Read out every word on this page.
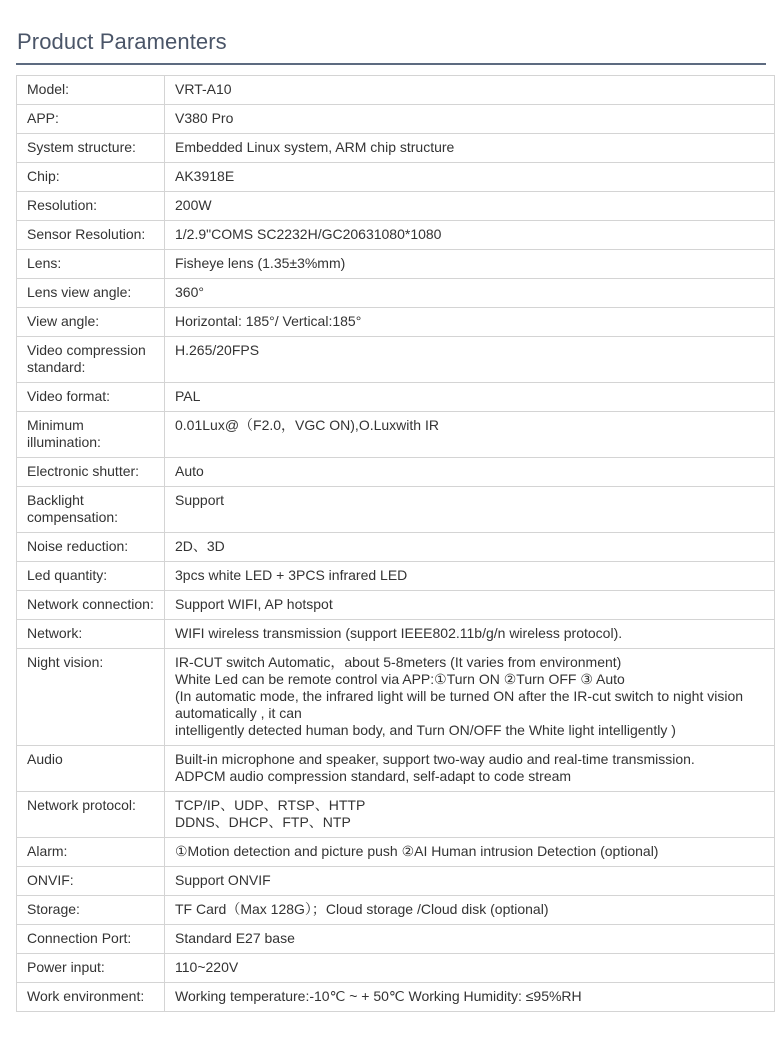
Product Paramenters
Model:	VRT-A10

APP:	V380 Pro

System structure:	Embedded Linux system, ARM chip structure

Chip:	AK3918E

Resolution:	200W

Sensor Resolution:	1/2.9"COMS SC2232H/GC20631080*1080

Lens:	Fisheye lens (1.35±3%mm)

Lens view angle:	360°

View angle:	Horizontal: 185°/ Vertical:185°

Video compression standard:	H.265/20FPS

Video format:	PAL

Minimum illumination:	0.01Lux@（F2.0，VGC ON),O.Luxwith IR

Electronic shutter:	Auto

Backlight compensation:	Support

Noise reduction:	2D、3D

Led quantity:	3pcs white LED + 3PCS infrared LED

Network connection:	Support WIFI, AP hotspot

Network:	WIFI wireless transmission (support IEEE802.11b/g/n wireless protocol).

Night vision:	IR-CUT switch Automatic，about 5-8meters (It varies from environment)
White Led can be remote control via APP:①Turn ON ②Turn OFF ③ Auto
(In automatic mode, the infrared light will be turned ON after the IR-cut switch to night vision automatically , it can
intelligently detected human body, and Turn ON/OFF the White light intelligently )

Audio	Built-in microphone and speaker, support two-way audio and real-time transmission.
ADPCM audio compression standard, self-adapt to code stream

Network protocol:	TCP/IP、UDP、RTSP、HTTP
DDNS、DHCP、FTP、NTP

Alarm:	①Motion detection and picture push ②AI Human intrusion Detection (optional)

ONVIF:	Support ONVIF

Storage:	TF Card（Max 128G）；Cloud storage /Cloud disk (optional)

Connection Port:	Standard E27 base

Power input:	110~220V

Work environment:	Working temperature:-10℃ ~ + 50℃ Working Humidity: ≤95%RH
